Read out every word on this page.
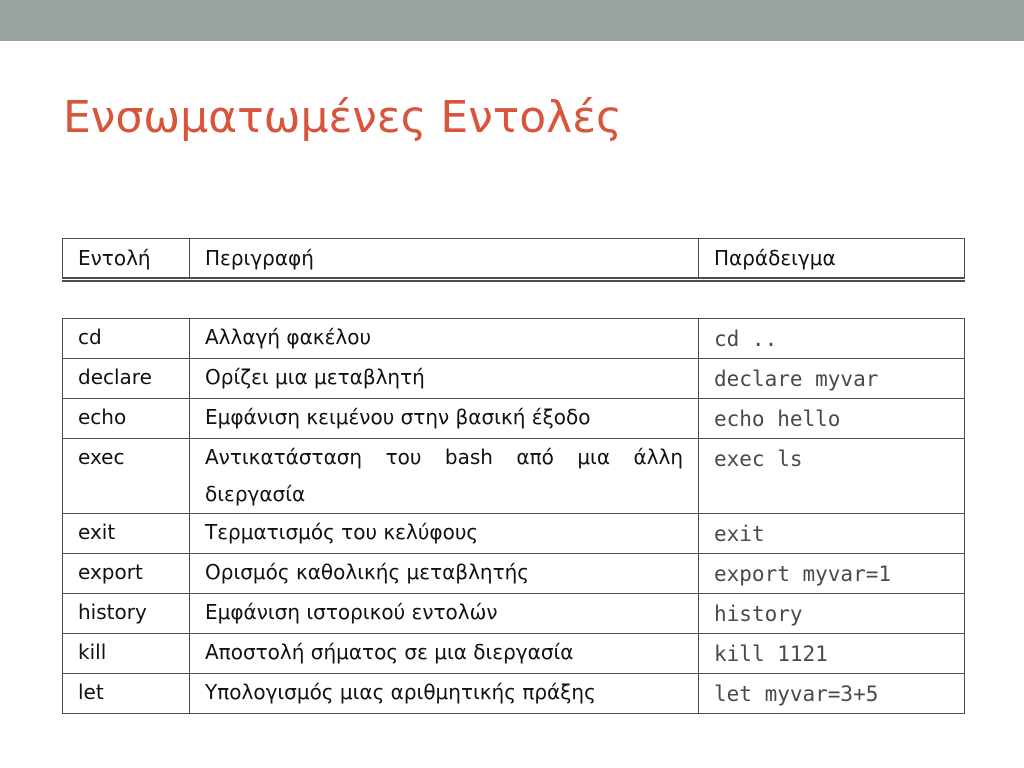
Ενσωματωμένες Εντολές
Εντολή	Περιγραφή	Παράδειγμα

cd	Αλλαγή φακέλου	cd ..
declare	Ορίζει μια μεταβλητή	declare myvar
echo	Εμφάνιση κειμένου στην βασική έξοδο	echo hello
exec	Αντικατάσταση του bash από μια άλλη διεργασία	exec ls
exit	Τερματισμός του κελύφους	exit
export	Ορισμός καθολικής μεταβλητής	export myvar=1
history	Εμφάνιση ιστορικού εντολών	history
kill	Αποστολή σήματος σε μια διεργασία	kill 1121
let	Υπολογισμός μιας αριθμητικής πράξης	let myvar=3+5
